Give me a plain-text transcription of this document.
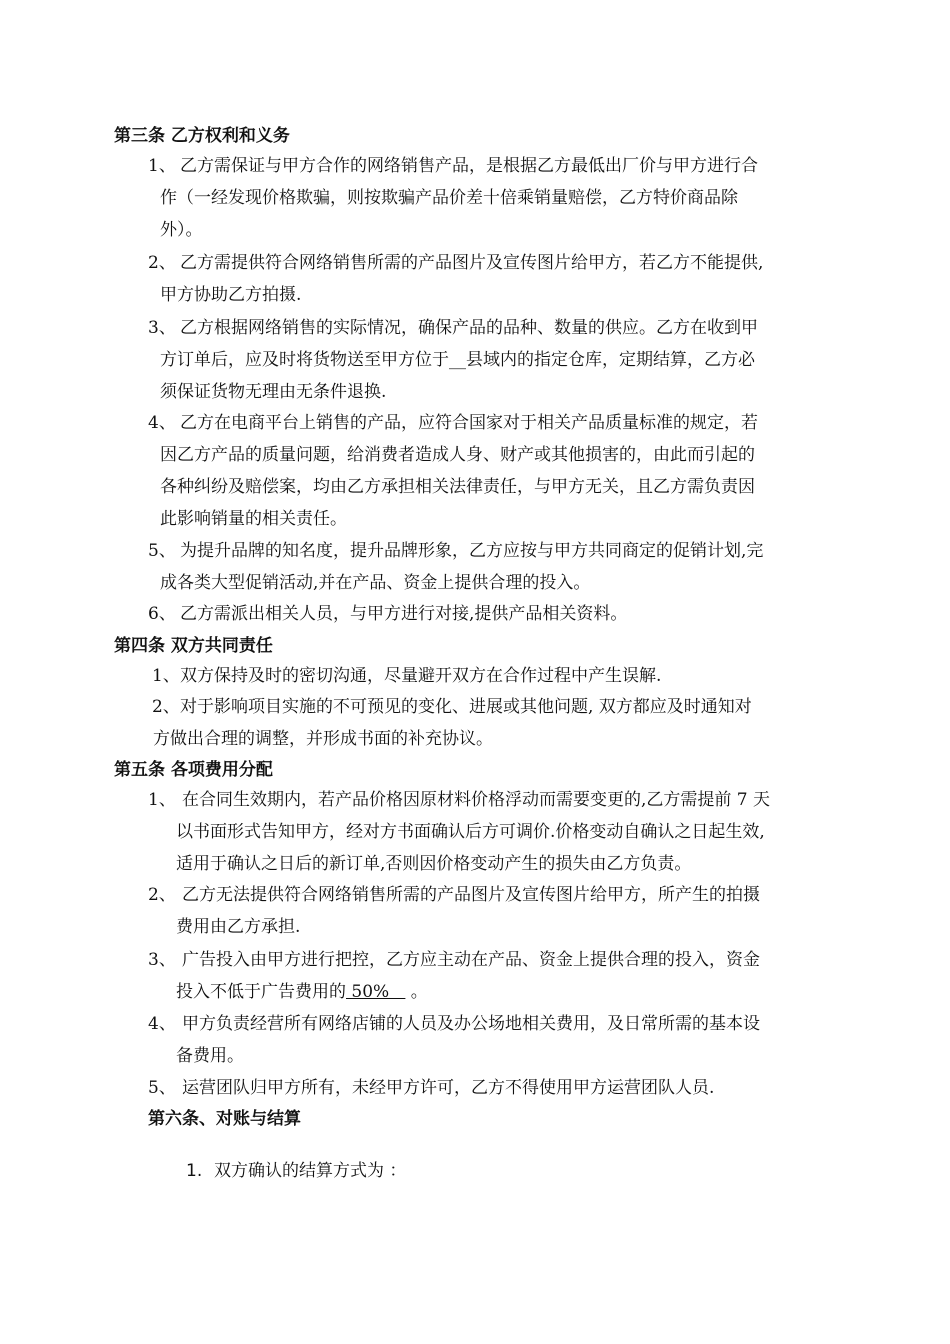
第三条 乙方权利和义务
1、 乙方需保证与甲方合作的网络销售产品，是根据乙方最低出厂价与甲方进行合
作（一经发现价格欺骗，则按欺骗产品价差十倍乘销量赔偿，乙方特价商品除
外）。
2、 乙方需提供符合网络销售所需的产品图片及宣传图片给甲方，若乙方不能提供,
甲方协助乙方拍摄.
3、 乙方根据网络销售的实际情况，确保产品的品种、数量的供应。乙方在收到甲
方订单后，应及时将货物送至甲方位于__县域内的指定仓库，定期结算，乙方必
须保证货物无理由无条件退换.
4、 乙方在电商平台上销售的产品，应符合国家对于相关产品质量标准的规定，若
因乙方产品的质量问题，给消费者造成人身、财产或其他损害的，由此而引起的
各种纠纷及赔偿案，均由乙方承担相关法律责任，与甲方无关，且乙方需负责因
此影响销量的相关责任。
5、 为提升品牌的知名度，提升品牌形象，乙方应按与甲方共同商定的促销计划,完
成各类大型促销活动,并在产品、资金上提供合理的投入。
6、 乙方需派出相关人员，与甲方进行对接,提供产品相关资料。
第四条 双方共同责任
1、 双方保持及时的密切沟通，尽量避开双方在合作过程中产生误解.
2、 对于影响项目实施的不可预见的变化、进展或其他问题, 双方都应及时通知对
方做出合理的调整，并形成书面的补充协议。
第五条 各项费用分配
1、 在合同生效期内，若产品价格因原材料价格浮动而需要变更的,乙方需提前 7 天
以书面形式告知甲方，经对方书面确认后方可调价.价格变动自确认之日起生效,
适用于确认之日后的新订单,否则因价格变动产生的损失由乙方负责。
2、 乙方无法提供符合网络销售所需的产品图片及宣传图片给甲方，所产生的拍摄
费用由乙方承担.
3、 广告投入由甲方进行把控，乙方应主动在产品、资金上提供合理的投入，资金
投入不低于广告费用的 50%    。
4、 甲方负责经营所有网络店铺的人员及办公场地相关费用，及日常所需的基本设
备费用。
5、 运营团队归甲方所有，未经甲方许可，乙方不得使用甲方运营团队人员.
第六条、对账与结算
1. 双方确认的结算方式为 ：
